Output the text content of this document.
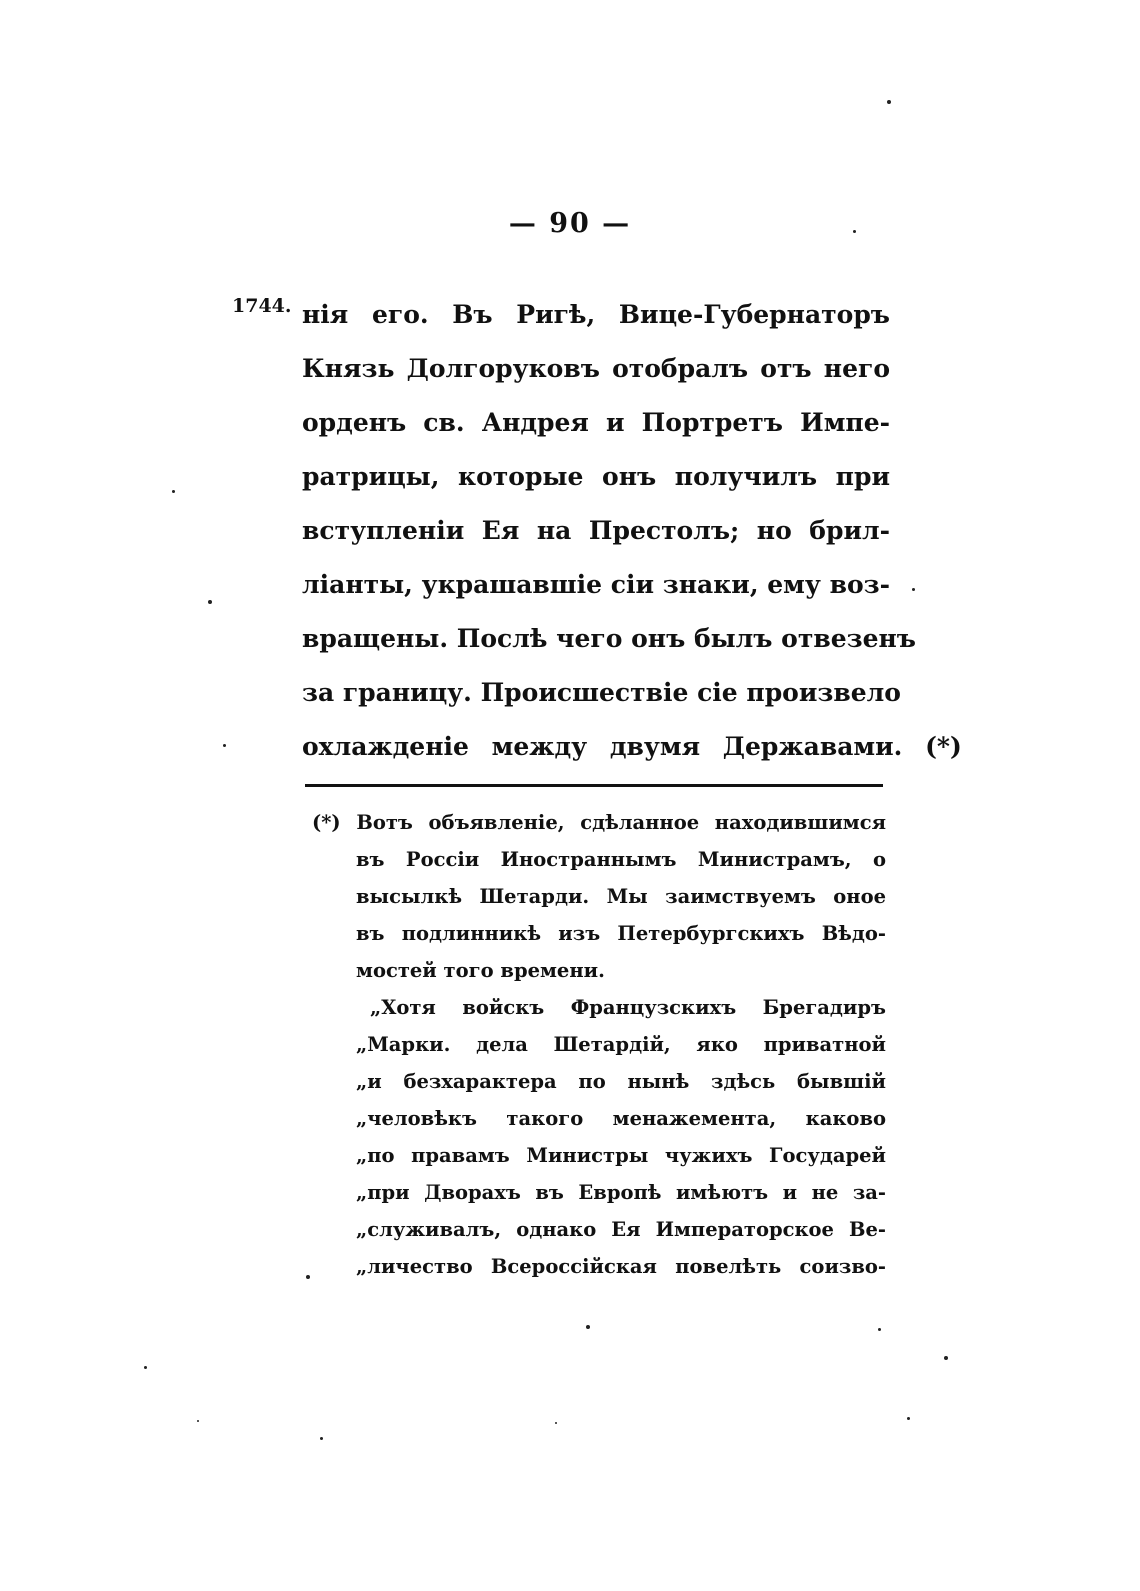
— 90 —
1744. нія его. Въ Ригѣ, Вице-Губернаторъ
Князь Долгоруковъ отобралъ отъ него
орденъ св. Андрея и Портретъ Импе-
ратрицы, которые онъ получилъ при
вступленіи Ея на Престолъ; но брил-
ліанты, украшавшіе сіи знаки, ему воз-
вращены. Послѣ чего онъ былъ отвезенъ
за границу. Происшествіе сіе произвело
охлажденіе между двумя Державами. (*)
(*) Вотъ объявленіе, сдѣланное находившимся
въ Россіи Иностраннымъ Министрамъ, о
высылкѣ Шетарди. Мы заимствуемъ оное
въ подлинникѣ изъ Петербургскихъ Вѣдо-
мостей того времени.
„Хотя войскъ Французскихъ Брегадиръ
„Марки. дела Шетардій, яко приватной
„и безхарактера по нынѣ здѣсь бывшій
„человѣкъ такого менажемента, каково
„по правамъ Министры чужихъ Государей
„при Дворахъ въ Европѣ имѣютъ и не за-
„служивалъ, однако Ея Императорское Ве-
„личество Всероссійская повелѣть соизво-
